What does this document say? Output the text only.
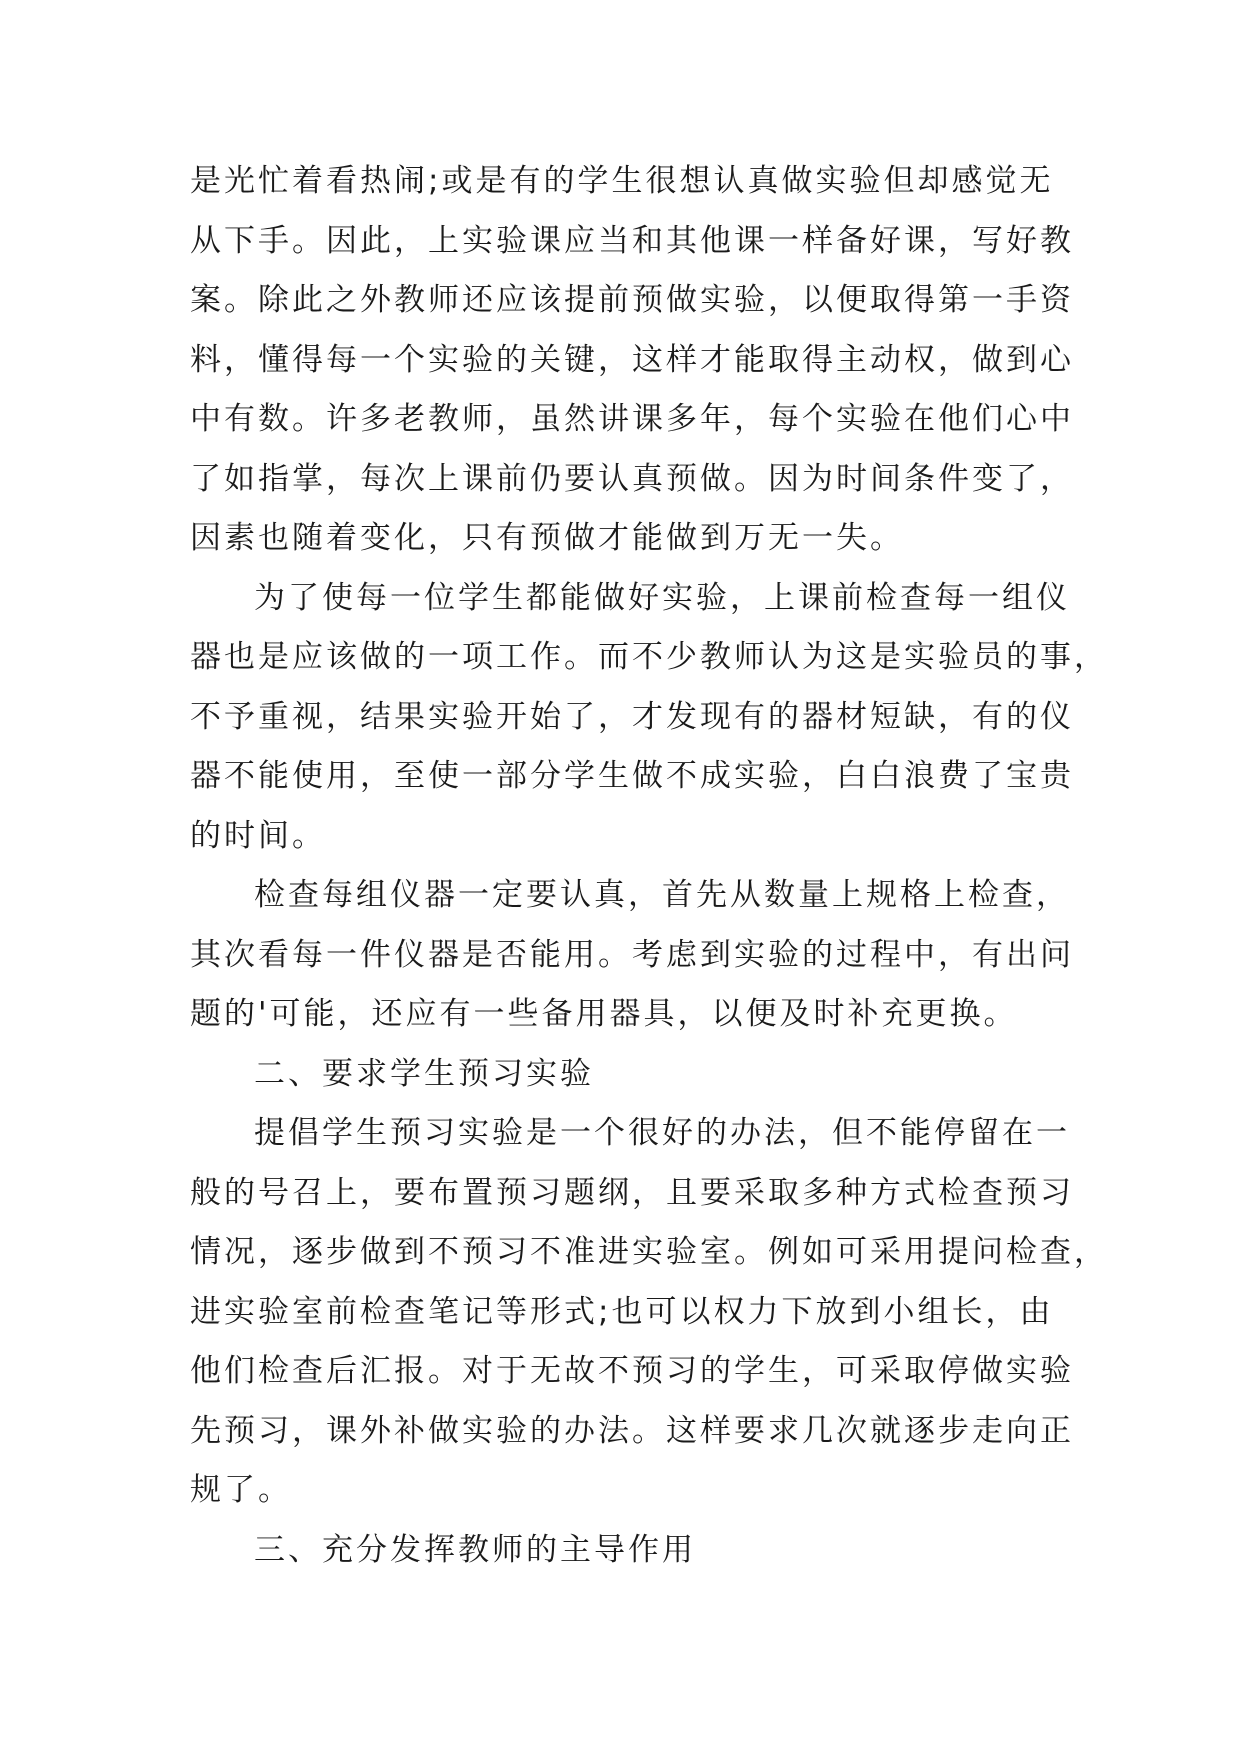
是光忙着看热闹;或是有的学生很想认真做实验但却感觉无
从下手。因此，上实验课应当和其他课一样备好课，写好教
案。除此之外教师还应该提前预做实验，以便取得第一手资
料，懂得每一个实验的关键，这样才能取得主动权，做到心
中有数。许多老教师，虽然讲课多年，每个实验在他们心中
了如指掌，每次上课前仍要认真预做。因为时间条件变了，
因素也随着变化，只有预做才能做到万无一失。
为了使每一位学生都能做好实验，上课前检查每一组仪
器也是应该做的一项工作。而不少教师认为这是实验员的事，
不予重视，结果实验开始了，才发现有的器材短缺，有的仪
器不能使用，至使一部分学生做不成实验，白白浪费了宝贵
的时间。
检查每组仪器一定要认真，首先从数量上规格上检查，
其次看每一件仪器是否能用。考虑到实验的过程中，有出问
题的'可能，还应有一些备用器具，以便及时补充更换。
二、要求学生预习实验
提倡学生预习实验是一个很好的办法，但不能停留在一
般的号召上，要布置预习题纲，且要采取多种方式检查预习
情况，逐步做到不预习不准进实验室。例如可采用提问检查，
进实验室前检查笔记等形式;也可以权力下放到小组长，由
他们检查后汇报。对于无故不预习的学生，可采取停做实验
先预习，课外补做实验的办法。这样要求几次就逐步走向正
规了。
三、充分发挥教师的主导作用
